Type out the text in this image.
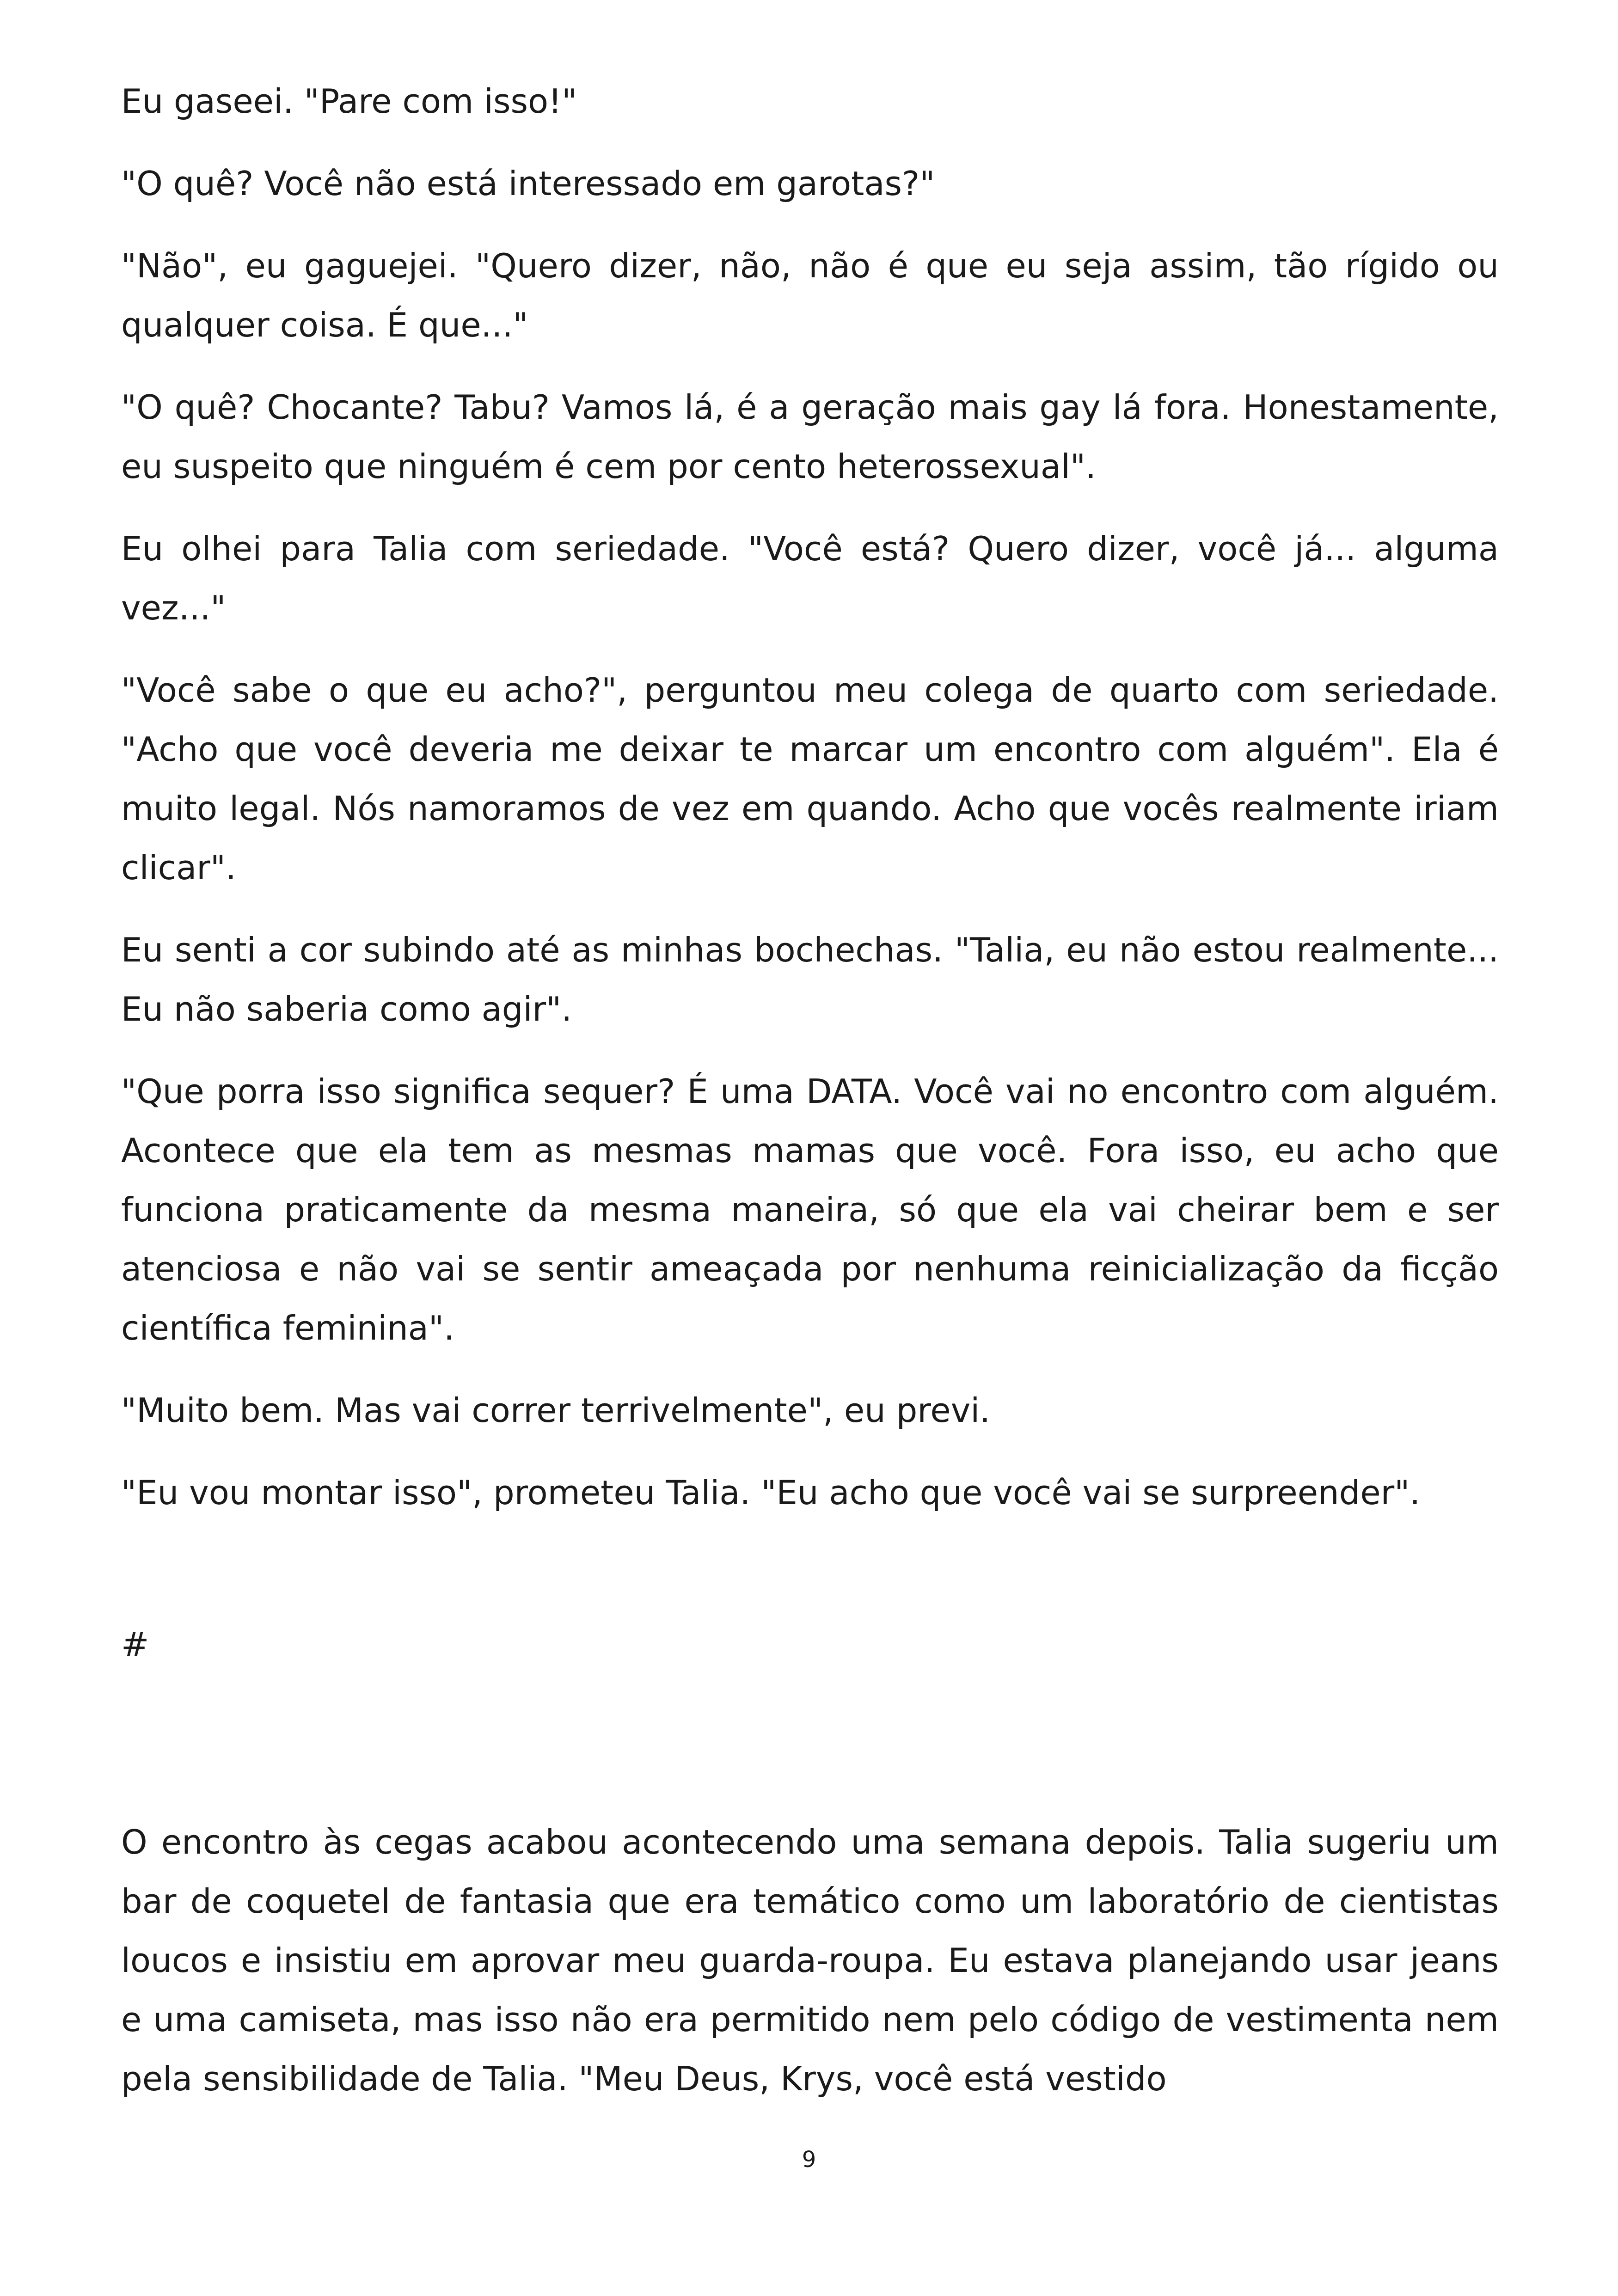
Eu gaseei. "Pare com isso!"

"O quê? Você não está interessado em garotas?"

"Não", eu gaguejei. "Quero dizer, não, não é que eu seja assim, tão rígido ou qualquer coisa. É que..."

"O quê? Chocante? Tabu? Vamos lá, é a geração mais gay lá fora. Honestamente, eu suspeito que ninguém é cem por cento heterossexual".

Eu olhei para Talia com seriedade. "Você está? Quero dizer, você já... alguma vez..."

"Você sabe o que eu acho?", perguntou meu colega de quarto com seriedade. "Acho que você deveria me deixar te marcar um encontro com alguém". Ela é muito legal. Nós namoramos de vez em quando. Acho que vocês realmente iriam clicar".

Eu senti a cor subindo até as minhas bochechas. "Talia, eu não estou realmente... Eu não saberia como agir".

"Que porra isso significa sequer? É uma DATA. Você vai no encontro com alguém. Acontece que ela tem as mesmas mamas que você. Fora isso, eu acho que funciona praticamente da mesma maneira, só que ela vai cheirar bem e ser atenciosa e não vai se sentir ameaçada por nenhuma reinicialização da ficção científica feminina".

"Muito bem. Mas vai correr terrivelmente", eu previ.

"Eu vou montar isso", prometeu Talia. "Eu acho que você vai se surpreender".

#

O encontro às cegas acabou acontecendo uma semana depois. Talia sugeriu um bar de coquetel de fantasia que era temático como um laboratório de cientistas loucos e insistiu em aprovar meu guarda-roupa. Eu estava planejando usar jeans e uma camiseta, mas isso não era permitido nem pelo código de vestimenta nem pela sensibilidade de Talia. "Meu Deus, Krys, você está vestido

9
